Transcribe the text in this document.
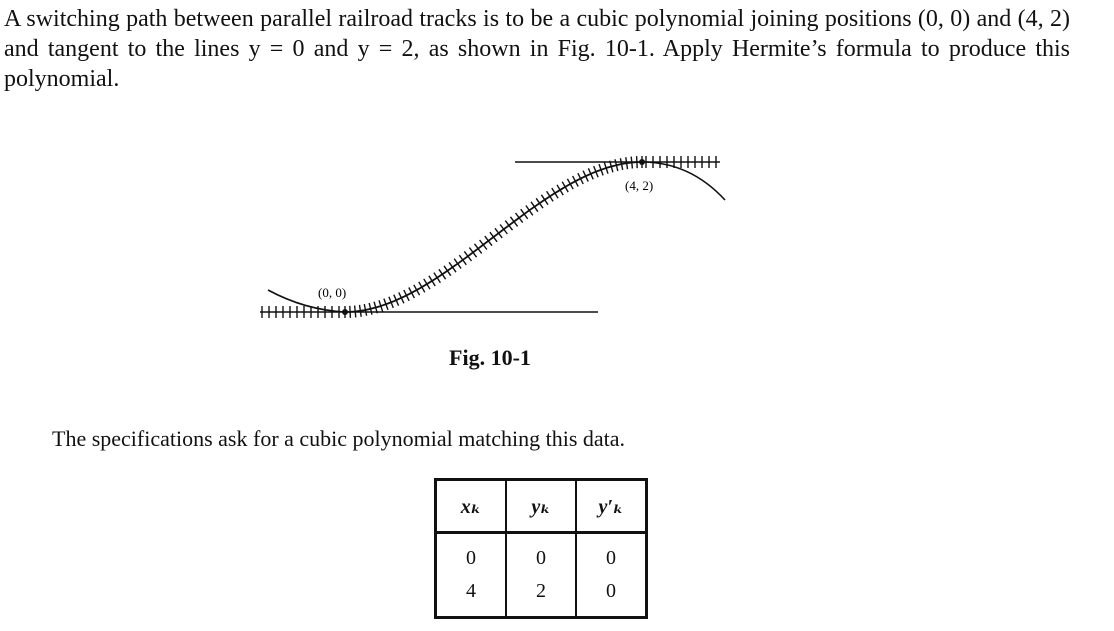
A switching path between parallel railroad tracks is to be a cubic polynomial joining positions (0, 0) and (4, 2) and tangent to the lines y = 0 and y = 2, as shown in Fig. 10-1. Apply Hermite’s formula to produce this polynomial.
(0, 0)
(4, 2)
Fig. 10-1
The specifications ask for a cubic polynomial matching this data.
xₖ	yₖ	y′ₖ
0	0	0
4	2	0
